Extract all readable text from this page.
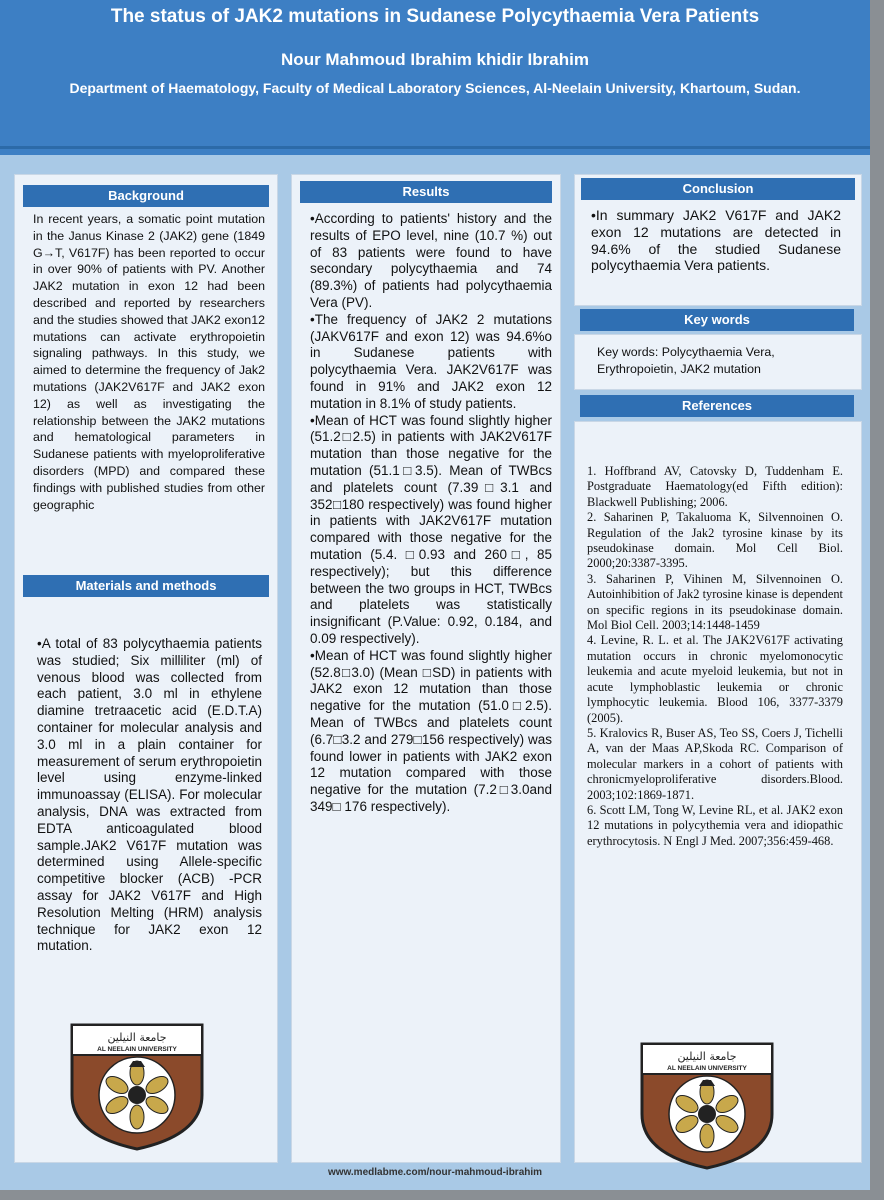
The status of JAK2 mutations in Sudanese Polycythaemia Vera Patients
Nour Mahmoud Ibrahim khidir Ibrahim
Department of Haematology, Faculty of Medical Laboratory Sciences, Al-Neelain University, Khartoum, Sudan.
Background
In recent years, a somatic point mutation in the Janus Kinase 2 (JAK2) gene (1849 G→T, V617F) has been reported to occur in over 90% of patients with PV. Another JAK2 mutation in exon 12 had been described and reported by researchers and the studies showed that JAK2 exon12 mutations can activate erythropoietin signaling pathways. In this study, we aimed to determine the frequency of Jak2 mutations (JAK2V617F and JAK2 exon 12) as well as investigating the relationship between the JAK2 mutations and hematological parameters in Sudanese patients with myeloproliferative disorders (MPD) and compared these findings with published studies from other geographic
Materials and methods
•A total of 83 polycythaemia patients was studied; Six milliliter (ml) of venous blood was collected from each patient, 3.0 ml in ethylene diamine tretraacetic acid (E.D.T.A) container for molecular analysis and 3.0 ml in a plain container for measurement of serum erythropoietin level using enzyme-linked immunoassay (ELISA). For molecular analysis, DNA was extracted from EDTA anticoagulated blood sample.JAK2 V617F mutation was determined using Allele-specific competitive blocker (ACB) -PCR assay for JAK2 V617F and High Resolution Melting (HRM) analysis technique for JAK2 exon 12 mutation.
جامعة النيلين
AL NEELAIN UNIVERSITY
Results
•According to patients' history and the results of EPO level, nine (10.7 %) out of 83 patients were found to have secondary polycythaemia and 74 (89.3%) of patients had polycythaemia Vera (PV).
•The frequency of JAK2 2 mutations (JAKV617F and exon 12) was 94.6%o in Sudanese patients with polycythaemia Vera. JAK2V617F was found in 91% and JAK2 exon 12 mutation in 8.1% of study patients.
•Mean of HCT was found slightly higher (51.2□2.5) in patients with JAK2V617F mutation than those negative for the mutation (51.1□3.5). Mean of TWBcs and platelets count (7.39□3.1 and 352□180 respectively) was found higher in patients with JAK2V617F mutation compared with those negative for the mutation (5.4. □0.93 and 260□, 85 respectively); but this difference between the two groups in HCT, TWBcs and platelets was statistically insignificant (P.Value: 0.92, 0.184, and 0.09 respectively).
•Mean of HCT was found slightly higher (52.8□3.0) (Mean □SD) in patients with JAK2 exon 12 mutation than those negative for the mutation (51.0□2.5). Mean of TWBcs and platelets count (6.7□3.2 and 279□156 respectively) was found lower in patients with JAK2 exon 12 mutation compared with those negative for the mutation (7.2□3.0and 349□ 176 respectively).
Conclusion
•In summary JAK2 V617F and JAK2 exon 12 mutations are detected in 94.6% of the studied Sudanese polycythaemia Vera patients.
Key words
Key words: Polycythaemia Vera, Erythropoietin, JAK2 mutation
References

1. Hoffbrand AV, Catovsky D, Tuddenham E. Postgraduate Haematology(ed Fifth edition): Blackwell Publishing; 2006.

2. Saharinen P, Takaluoma K, Silvennoinen O. Regulation of the Jak2 tyrosine kinase by its pseudokinase domain. Mol Cell Biol. 2000;20:3387-3395.

3. Saharinen P, Vihinen M, Silvennoinen O. Autoinhibition of Jak2 tyrosine kinase is dependent on specific regions in its pseudokinase domain. Mol Biol Cell. 2003;14:1448-1459

4. Levine, R. L. et al. The JAK2V617F activating mutation occurs in chronic myelomonocytic leukemia and acute myeloid leukemia, but not in acute lymphoblastic leukemia or chronic lymphocytic leukemia. Blood 106, 3377-3379 (2005).

5. Kralovics R, Buser AS, Teo SS, Coers J, Tichelli A, van der Maas AP,Skoda RC. Comparison of molecular markers in a cohort of patients with chronicmyeloproliferative disorders.Blood. 2003;102:1869-1871.

6. Scott LM, Tong W, Levine RL, et al. JAK2 exon 12 mutations in polycythemia vera and idiopathic erythrocytosis. N Engl J Med. 2007;356:459-468.

جامعة النيلين
AL NEELAIN UNIVERSITY
www.medlabme.com/nour-mahmoud-ibrahim
